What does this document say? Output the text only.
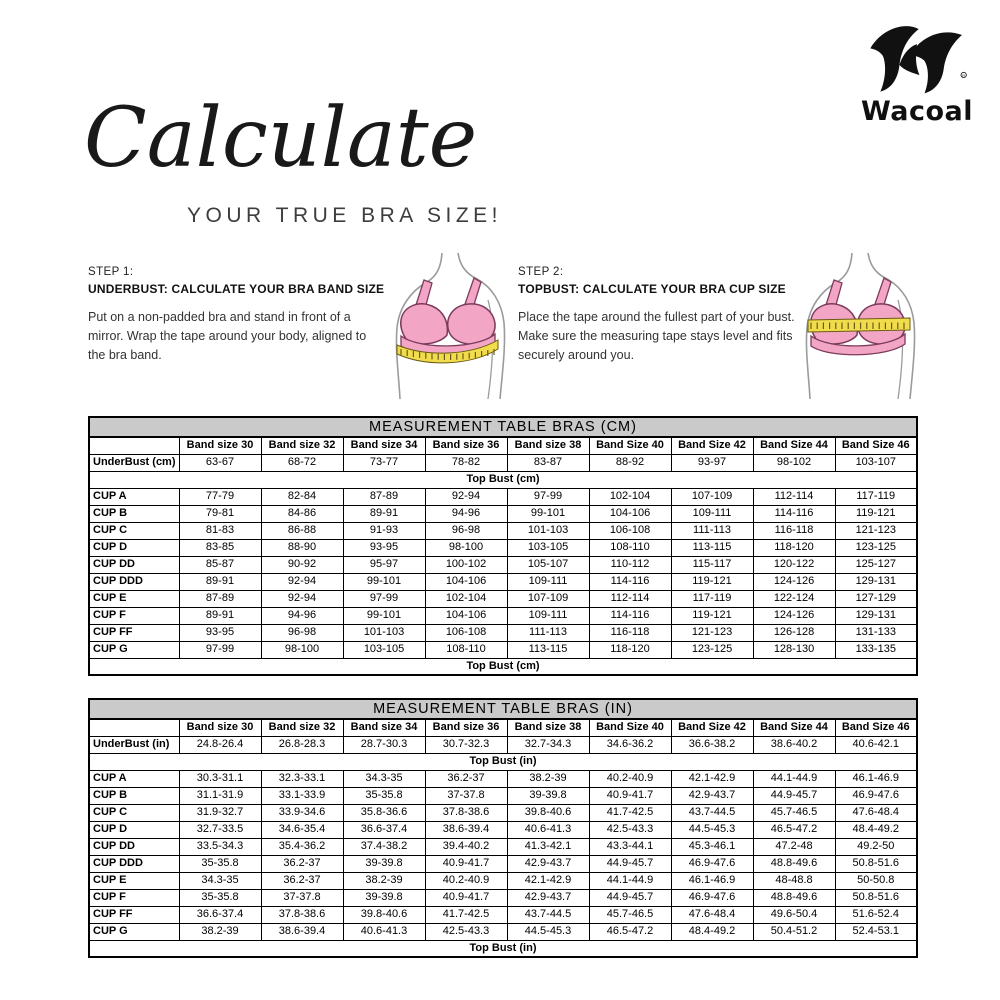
R
Wacoal
Calculate
YOUR TRUE BRA SIZE!
STEP 1:
UNDERBUST: CALCULATE YOUR BRA BAND SIZE
Put on a non-padded bra and stand in front of a mirror. Wrap the tape around your body, aligned to the bra band.
STEP 2:
TOPBUST: CALCULATE YOUR BRA CUP SIZE
Place the tape around the fullest part of your bust. Make sure the measuring tape stays level and fits securely around you.
MEASUREMENT TABLE BRAS (CM)									
	Band size 30	Band size 32	Band size 34	Band size 36	Band size 38	Band Size 40	Band Size 42	Band Size 44	Band Size 46
UnderBust (cm)	63-67	68-72	73-77	78-82	83-87	88-92	93-97	98-102	103-107
Top Bust (cm)									
CUP A	77-79	82-84	87-89	92-94	97-99	102-104	107-109	112-114	117-119
CUP B	79-81	84-86	89-91	94-96	99-101	104-106	109-111	114-116	119-121
CUP C	81-83	86-88	91-93	96-98	101-103	106-108	111-113	116-118	121-123
CUP D	83-85	88-90	93-95	98-100	103-105	108-110	113-115	118-120	123-125
CUP DD	85-87	90-92	95-97	100-102	105-107	110-112	115-117	120-122	125-127
CUP DDD	89-91	92-94	99-101	104-106	109-111	114-116	119-121	124-126	129-131
CUP E	87-89	92-94	97-99	102-104	107-109	112-114	117-119	122-124	127-129
CUP F	89-91	94-96	99-101	104-106	109-111	114-116	119-121	124-126	129-131
CUP FF	93-95	96-98	101-103	106-108	111-113	116-118	121-123	126-128	131-133
CUP G	97-99	98-100	103-105	108-110	113-115	118-120	123-125	128-130	133-135
Top Bust (cm)									
MEASUREMENT TABLE BRAS (IN)									
	Band size 30	Band size 32	Band size 34	Band size 36	Band size 38	Band Size 40	Band Size 42	Band Size 44	Band Size 46
UnderBust (in)	24.8-26.4	26.8-28.3	28.7-30.3	30.7-32.3	32.7-34.3	34.6-36.2	36.6-38.2	38.6-40.2	40.6-42.1
Top Bust (in)									
CUP A	30.3-31.1	32.3-33.1	34.3-35	36.2-37	38.2-39	40.2-40.9	42.1-42.9	44.1-44.9	46.1-46.9
CUP B	31.1-31.9	33.1-33.9	35-35.8	37-37.8	39-39.8	40.9-41.7	42.9-43.7	44.9-45.7	46.9-47.6
CUP C	31.9-32.7	33.9-34.6	35.8-36.6	37.8-38.6	39.8-40.6	41.7-42.5	43.7-44.5	45.7-46.5	47.6-48.4
CUP D	32.7-33.5	34.6-35.4	36.6-37.4	38.6-39.4	40.6-41.3	42.5-43.3	44.5-45.3	46.5-47.2	48.4-49.2
CUP DD	33.5-34.3	35.4-36.2	37.4-38.2	39.4-40.2	41.3-42.1	43.3-44.1	45.3-46.1	47.2-48	49.2-50
CUP DDD	35-35.8	36.2-37	39-39.8	40.9-41.7	42.9-43.7	44.9-45.7	46.9-47.6	48.8-49.6	50.8-51.6
CUP E	34.3-35	36.2-37	38.2-39	40.2-40.9	42.1-42.9	44.1-44.9	46.1-46.9	48-48.8	50-50.8
CUP F	35-35.8	37-37.8	39-39.8	40.9-41.7	42.9-43.7	44.9-45.7	46.9-47.6	48.8-49.6	50.8-51.6
CUP FF	36.6-37.4	37.8-38.6	39.8-40.6	41.7-42.5	43.7-44.5	45.7-46.5	47.6-48.4	49.6-50.4	51.6-52.4
CUP G	38.2-39	38.6-39.4	40.6-41.3	42.5-43.3	44.5-45.3	46.5-47.2	48.4-49.2	50.4-51.2	52.4-53.1
Top Bust (in)									
